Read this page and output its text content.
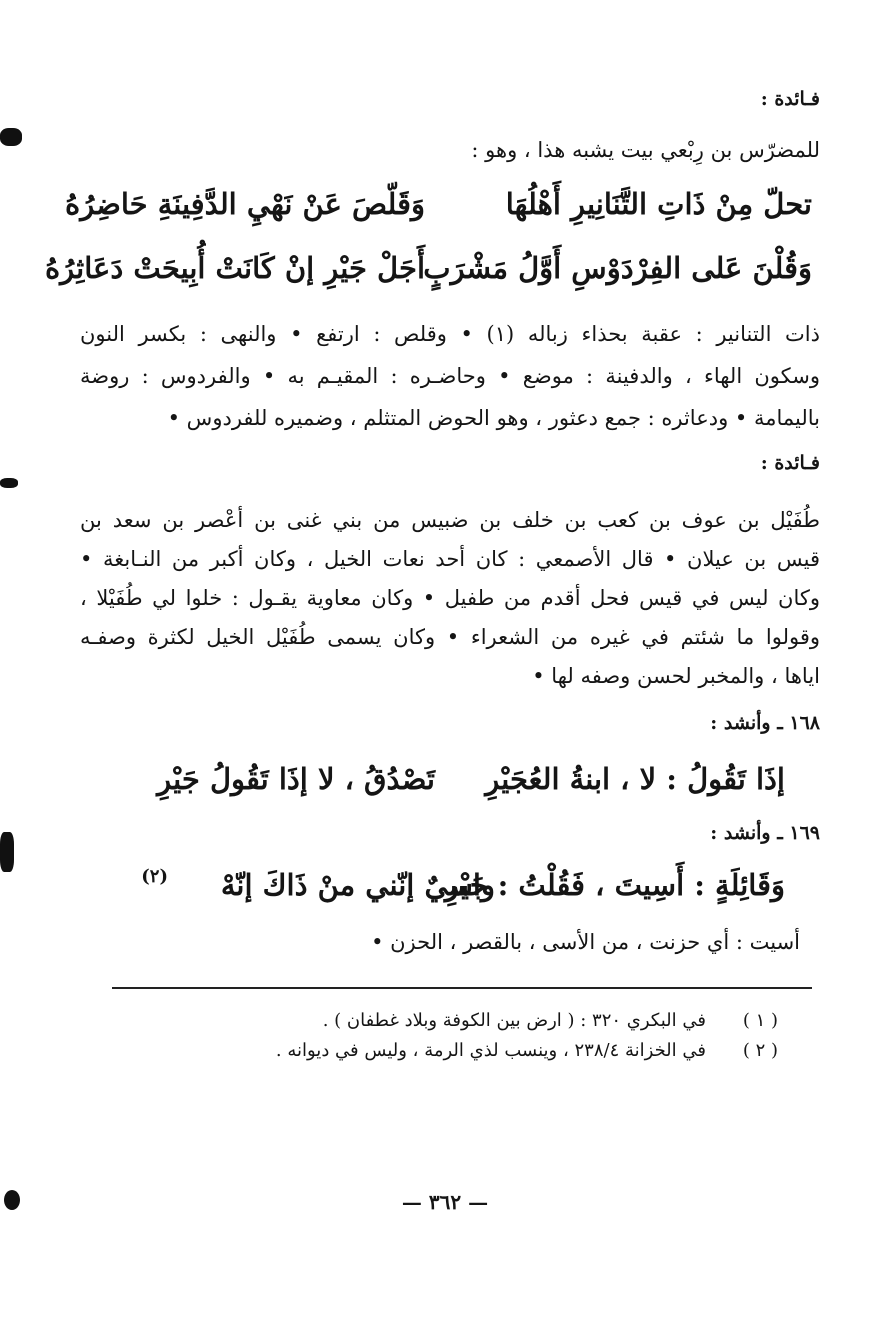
فـائدة :
للمضرّس بن رِبْعي بيت يشبه هذا ، وهو :
تحلّ مِنْ ذَاتِ التَّنَانِيرِ أَهْلُهَا
وَقَلّصَ عَنْ نَهْيِ الدَّفِينَةِ حَاضِرُهُ
وَقُلْنَ عَلى الفِرْدَوْسِ أَوَّلُ مَشْرَبٍ
أَجَلْ جَيْرِ إنْ كَانَتْ أُبِيحَتْ دَعَاثِرُهُ
ذات التنانير : عقبة بحذاء زباله (١) • وقلص : ارتفع • والنهى : بكسر النون
وسكون الهاء ، والدفينة : موضع • وحاضـره : المقيـم به • والفردوس : روضة
باليمامة • ودعاثره : جمع دعثور ، وهو الحوض المتثلم ، وضميره للفردوس •
فـائدة :
طُفَيْل بن عوف بن كعب بن خلف بن ضبيس من بني غنى بن أعْصر بن سعد بن
قيس بن عيلان • قال الأصمعي : كان أحد نعات الخيل ، وكان أكبر من النـابغة •
وكان ليس في قيس فحل أقدم من طفيل • وكان معاوية يقـول : خلوا لي طُفَيْلا ،
وقولوا ما شئتم في غيره من الشعراء • وكان يسمى طُفَيْل الخيل لكثرة وصفـه
اياها ، والمخبر لحسن وصفه لها •
١٦٨ ـ وأنشد :
إذَا تَقُولُ : لا ، ابنةُ العُجَيْرِ
تَصْدُقُ ، لا إذَا تَقُولُ جَيْرِ
١٦٩ ـ وأنشد :
وَقَائِلَةٍ : أَسِيتَ ، فَقُلْتُ : جَيْرِ
واسيٌ إنّني منْ ذَاكَ إنّهْ
(٢)
أسيت : أي حزنت ، من الأسى ، بالقصر ، الحزن •
( ١ )
في البكري ٣٢٠ : ( ارض بين الكوفة وبلاد غطفان ) .
( ٢ )
في الخزانة ٢٣٨/٤ ، وينسب لذي الرمة ، وليس في ديوانه .
— ٣٦٢ —
